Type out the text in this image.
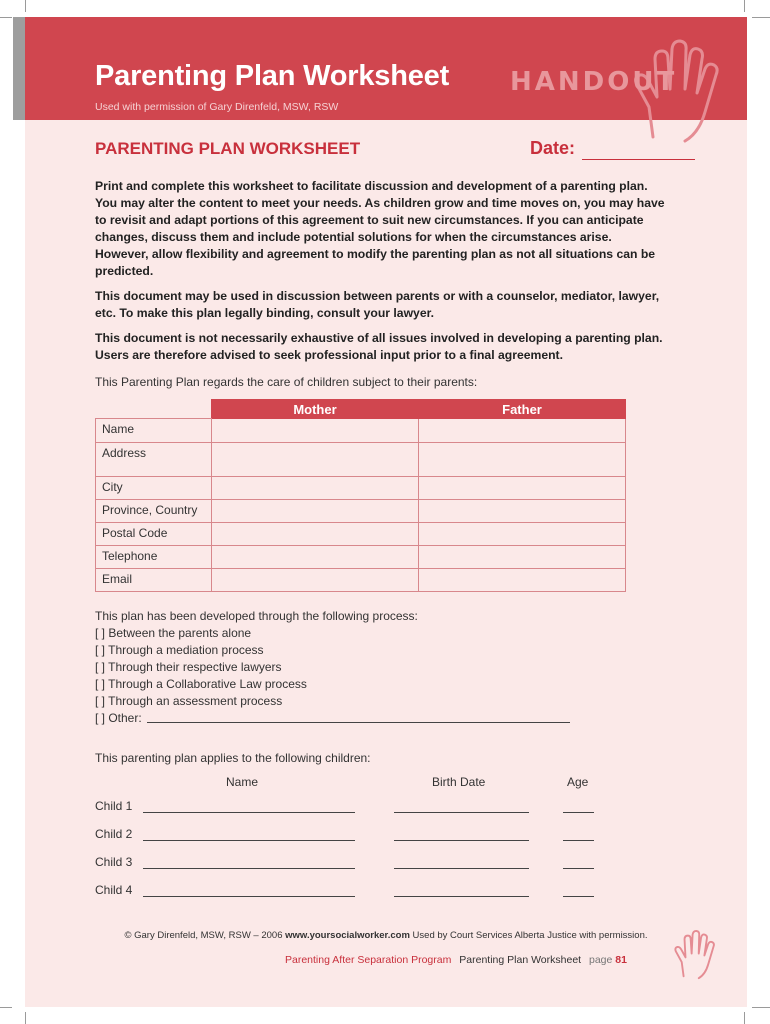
Parenting Plan Worksheet HANDOUT
Used with permission of Gary Direnfeld, MSW, RSW
PARENTING PLAN WORKSHEET	Date:
Print and complete this worksheet to facilitate discussion and development of a parenting plan. You may alter the content to meet your needs. As children grow and time moves on, you may have to revisit and adapt portions of this agreement to suit new circumstances. If you can anticipate changes, discuss them and include potential solutions for when the circumstances arise. However, allow flexibility and agreement to modify the parenting plan as not all situations can be predicted.
This document may be used in discussion between parents or with a counselor, mediator, lawyer, etc. To make this plan legally binding, consult your lawyer.
This document is not necessarily exhaustive of all issues involved in developing a parenting plan. Users are therefore advised to seek professional input prior to a final agreement.
This Parenting Plan regards the care of children subject to their parents:
	Mother	Father
Name		
Address		
City		
Province, Country		
Postal Code		
Telephone		
Email		
This plan has been developed through the following process:
[ ] Between the parents alone
[ ] Through a mediation process
[ ] Through their respective lawyers
[ ] Through a Collaborative Law process
[ ] Through an assessment process
[ ] Other:
This parenting plan applies to the following children:
Name	Birth Date	Age
Child 1
Child 2
Child 3
Child 4
© Gary Direnfeld, MSW, RSW – 2006 www.yoursocialworker.com Used by Court Services Alberta Justice with permission.
Parenting After Separation Program Parenting Plan Worksheet page 81
